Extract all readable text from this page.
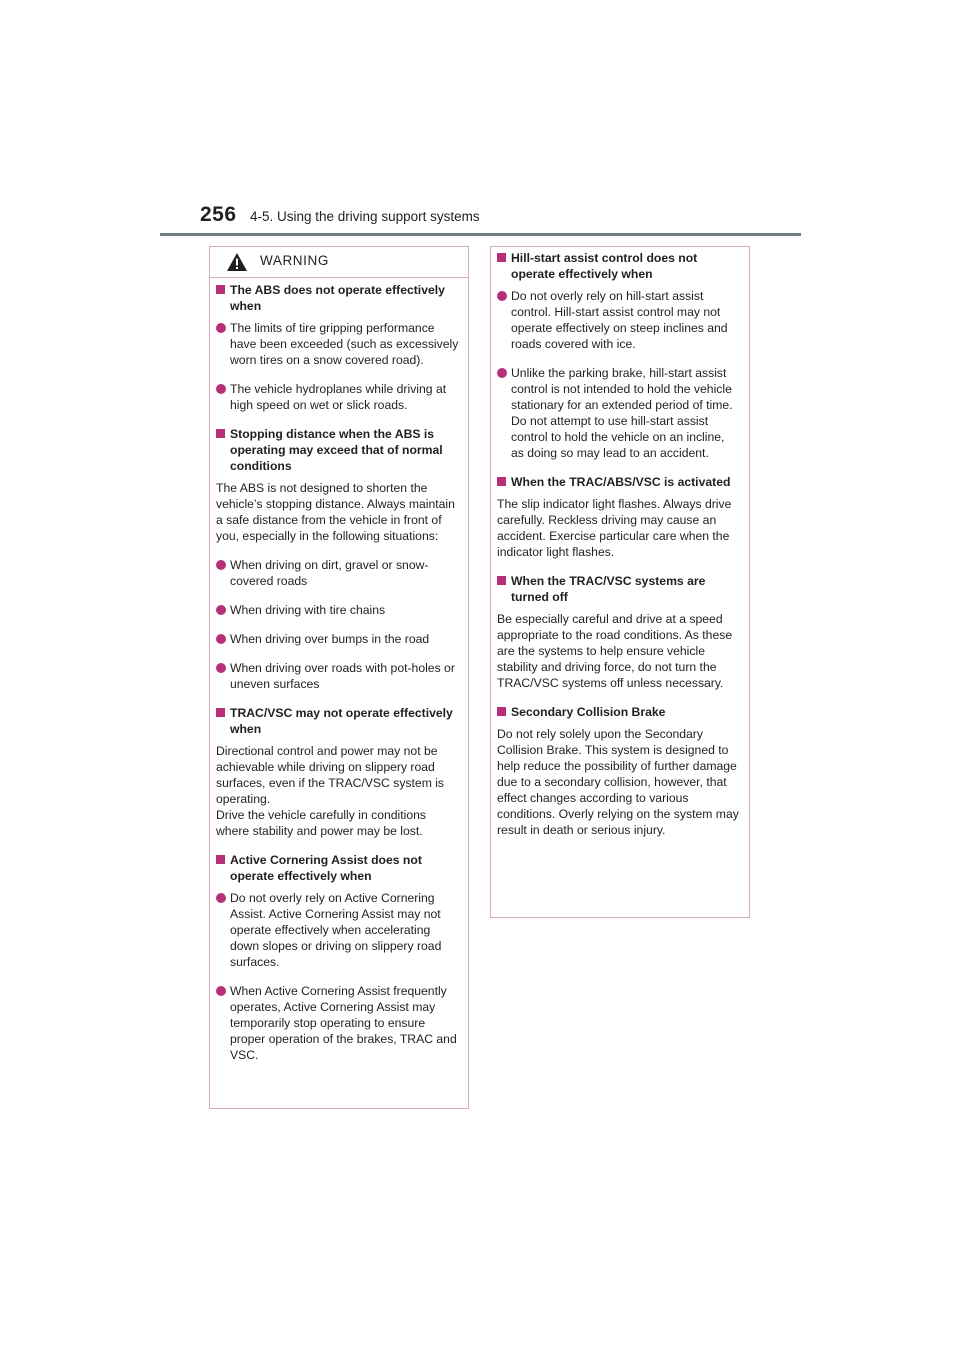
256 4-5. Using the driving support systems
WARNING
The ABS does not operate effectively when
The limits of tire gripping performance have been exceeded (such as excessively worn tires on a snow covered road).
The vehicle hydroplanes while driving at high speed on wet or slick roads.
Stopping distance when the ABS is operating may exceed that of normal conditions
The ABS is not designed to shorten the vehicle’s stopping distance. Always maintain a safe distance from the vehicle in front of you, especially in the following situations:
When driving on dirt, gravel or snow-covered roads
When driving with tire chains
When driving over bumps in the road
When driving over roads with pot-holes or uneven surfaces
TRAC/VSC may not operate effectively when
Directional control and power may not be achievable while driving on slippery road surfaces, even if the TRAC/VSC system is operating.
Drive the vehicle carefully in conditions where stability and power may be lost.
Active Cornering Assist does not operate effectively when
Do not overly rely on Active Cornering Assist. Active Cornering Assist may not operate effectively when accelerating down slopes or driving on slippery road surfaces.
When Active Cornering Assist frequently operates, Active Cornering Assist may temporarily stop operating to ensure proper operation of the brakes, TRAC and VSC.
Hill-start assist control does not operate effectively when
Do not overly rely on hill-start assist control. Hill-start assist control may not operate effectively on steep inclines and roads covered with ice.
Unlike the parking brake, hill-start assist control is not intended to hold the vehicle stationary for an extended period of time. Do not attempt to use hill-start assist control to hold the vehicle on an incline, as doing so may lead to an accident.
When the TRAC/ABS/VSC is activated
The slip indicator light flashes. Always drive carefully. Reckless driving may cause an accident. Exercise particular care when the indicator light flashes.
When the TRAC/VSC systems are turned off
Be especially careful and drive at a speed appropriate to the road conditions. As these are the systems to help ensure vehicle stability and driving force, do not turn the TRAC/VSC systems off unless necessary.
Secondary Collision Brake
Do not rely solely upon the Secondary Collision Brake. This system is designed to help reduce the possibility of further damage due to a secondary collision, however, that effect changes according to various conditions. Overly relying on the system may result in death or serious injury.
